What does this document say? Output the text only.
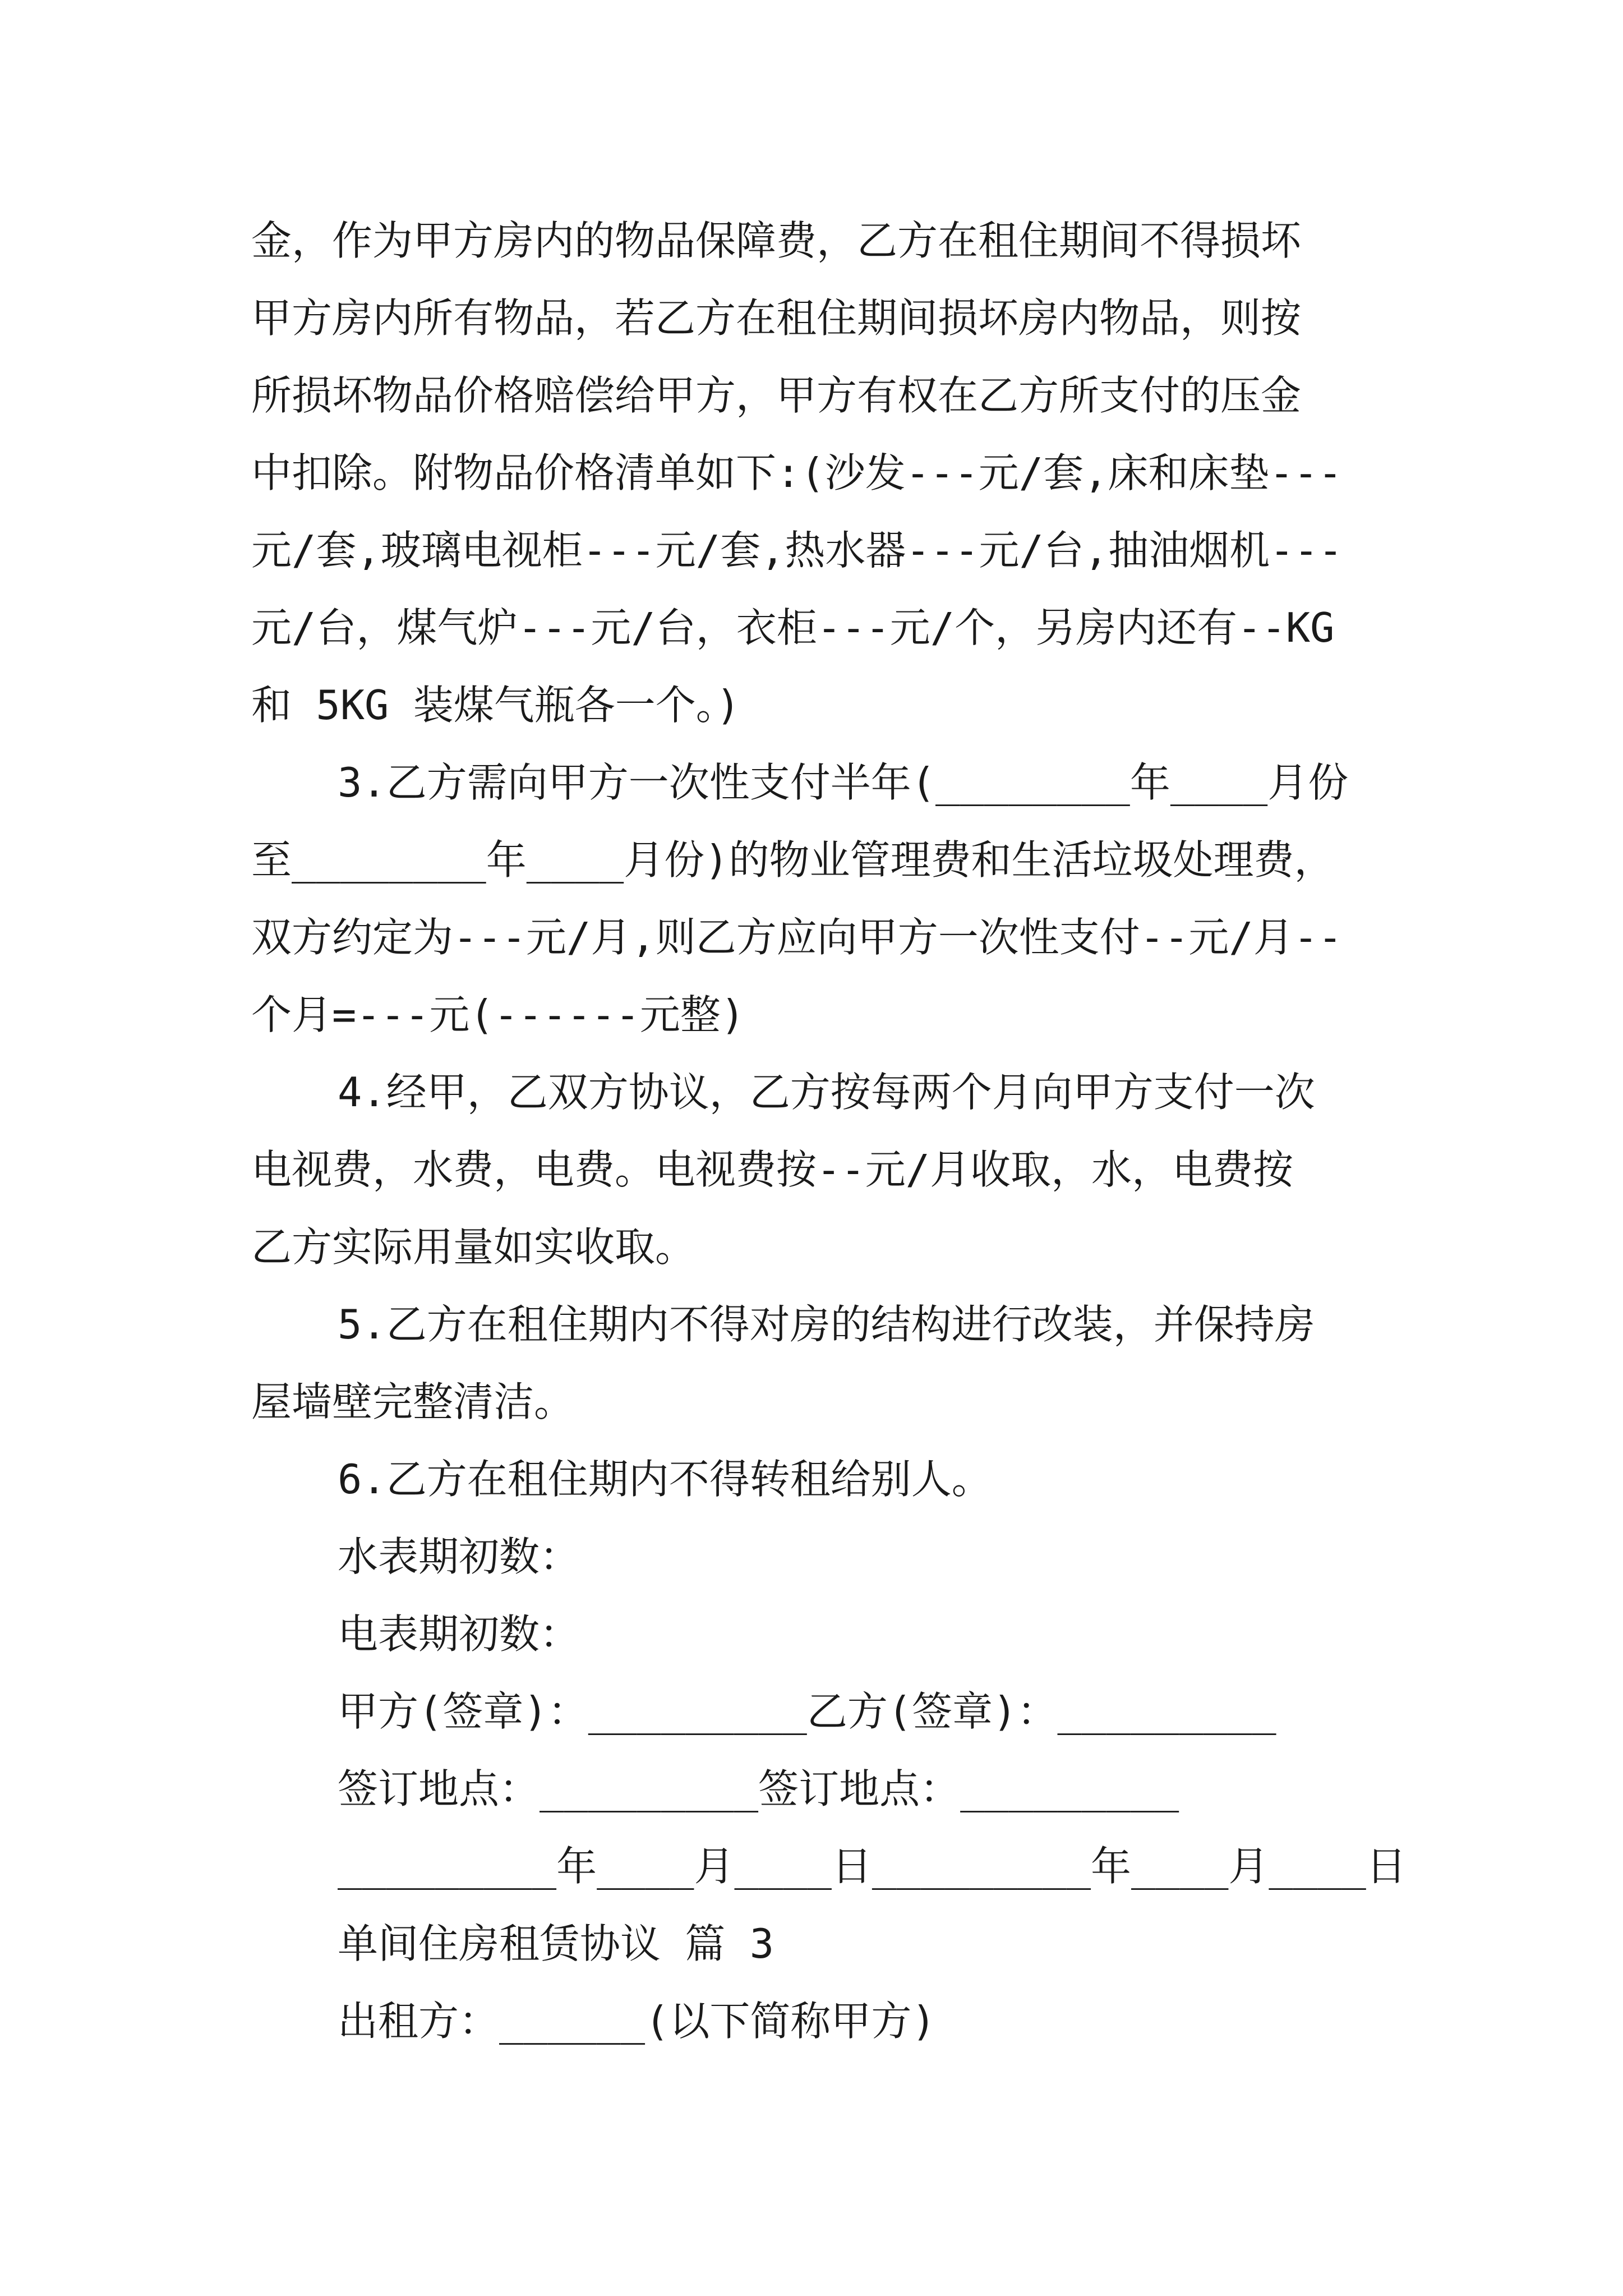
金，作为甲方房内的物品保障费，乙方在租住期间不得损坏
甲方房内所有物品，若乙方在租住期间损坏房内物品，则按
所损坏物品价格赔偿给甲方，甲方有权在乙方所支付的压金
中扣除。附物品价格清单如下:(沙发---元/套,床和床垫---
元/套,玻璃电视柜---元/套,热水器---元/台,抽油烟机---
元/台，煤气炉---元/台，衣柜---元/个，另房内还有--KG
和 5KG 装煤气瓶各一个。)
3.乙方需向甲方一次性支付半年(________年____月份
至________年____月份)的物业管理费和生活垃圾处理费，
双方约定为---元/月,则乙方应向甲方一次性支付--元/月--
个月=---元(------元整)
4.经甲，乙双方协议，乙方按每两个月向甲方支付一次
电视费，水费，电费。电视费按--元/月收取，水，电费按
乙方实际用量如实收取。
5.乙方在租住期内不得对房的结构进行改装，并保持房
屋墙壁完整清洁。
6.乙方在租住期内不得转租给别人。
水表期初数：
电表期初数：
甲方(签章)：_________乙方(签章)：_________
签订地点：_________签订地点：_________
_________年____月____日_________年____月____日
单间住房租赁协议 篇 3
出租方：______(以下简称甲方)
